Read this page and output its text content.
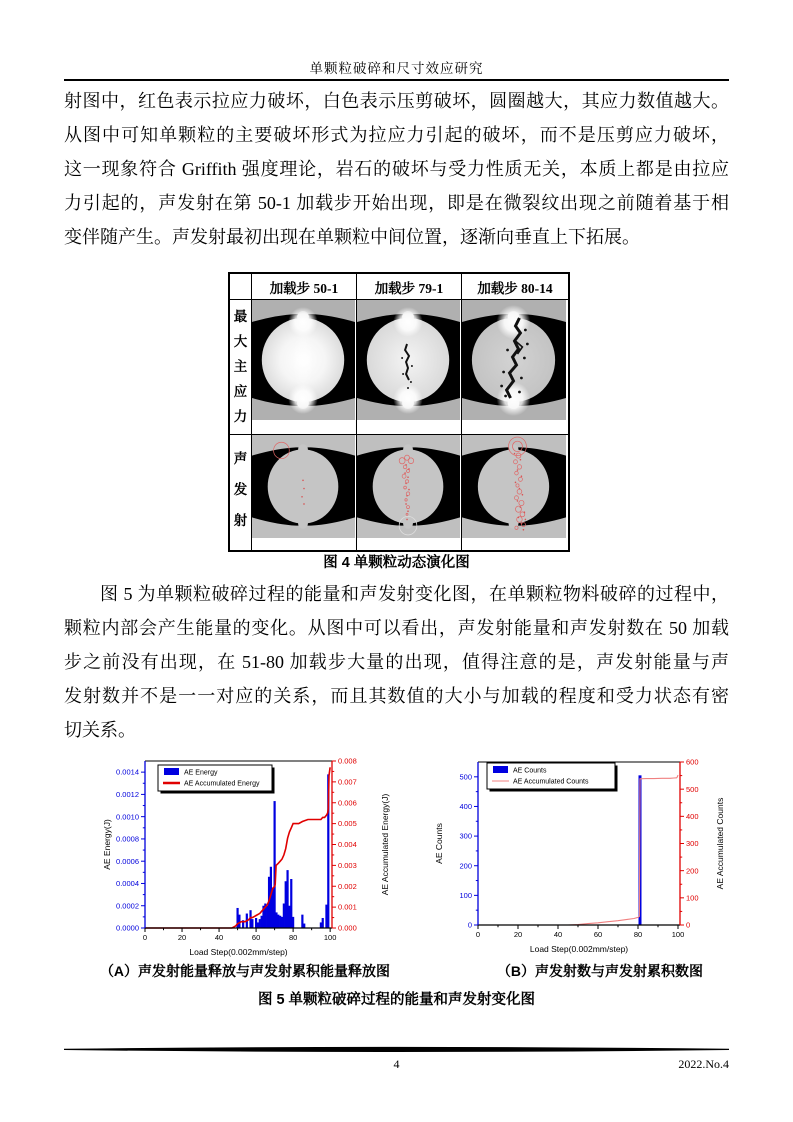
单颗粒破碎和尺寸效应研究
射图中，红色表示拉应力破坏，白色表示压剪破坏，圆圈越大，其应力数值越大。
从图中可知单颗粒的主要破坏形式为拉应力引起的破坏，而不是压剪应力破坏，
这一现象符合 Griffith 强度理论，岩石的破坏与受力性质无关，本质上都是由拉应
力引起的，声发射在第 50-1 加载步开始出现，即是在微裂纹出现之前随着基于相
变伴随产生。声发射最初出现在单颗粒中间位置，逐渐向垂直上下拓展。
加载步 50-1	加载步 79-1	加载步 80-14
最大主应力
声发射
图 4 单颗粒动态演化图
图 5 为单颗粒破碎过程的能量和声发射变化图，在单颗粒物料破碎的过程中，
颗粒内部会产生能量的变化。从图中可以看出，声发射能量和声发射数在 50 加载
步之前没有出现，在 51-80 加载步大量的出现，值得注意的是，声发射能量与声
发射数并不是一一对应的关系，而且其数值的大小与加载的程度和受力状态有密
切关系。
0.0000
0.0002
0.0004
0.0006
0.0008
0.0010
0.0012
0.0014
0.000
0.001
0.002
0.003
0.004
0.005
0.006
0.007
0.008
0	20	40	60	80	100
Load Step(0.002mm/step)
AE Energy(J)	AE Accumulated Energy(J)
AE Energy
AE Accumulated Energy
0
100
200
300
400
500
0
100
200
300
400
500
600
0	20	40	60	80	100
Load Step(0.002mm/step)
AE Counts	AE Accumulated Counts
AE Counts
AE Accumulated Counts
（A）声发射能量释放与声发射累积能量释放图	（B）声发射数与声发射累积数图
图 5 单颗粒破碎过程的能量和声发射变化图
4	2022.No.4
